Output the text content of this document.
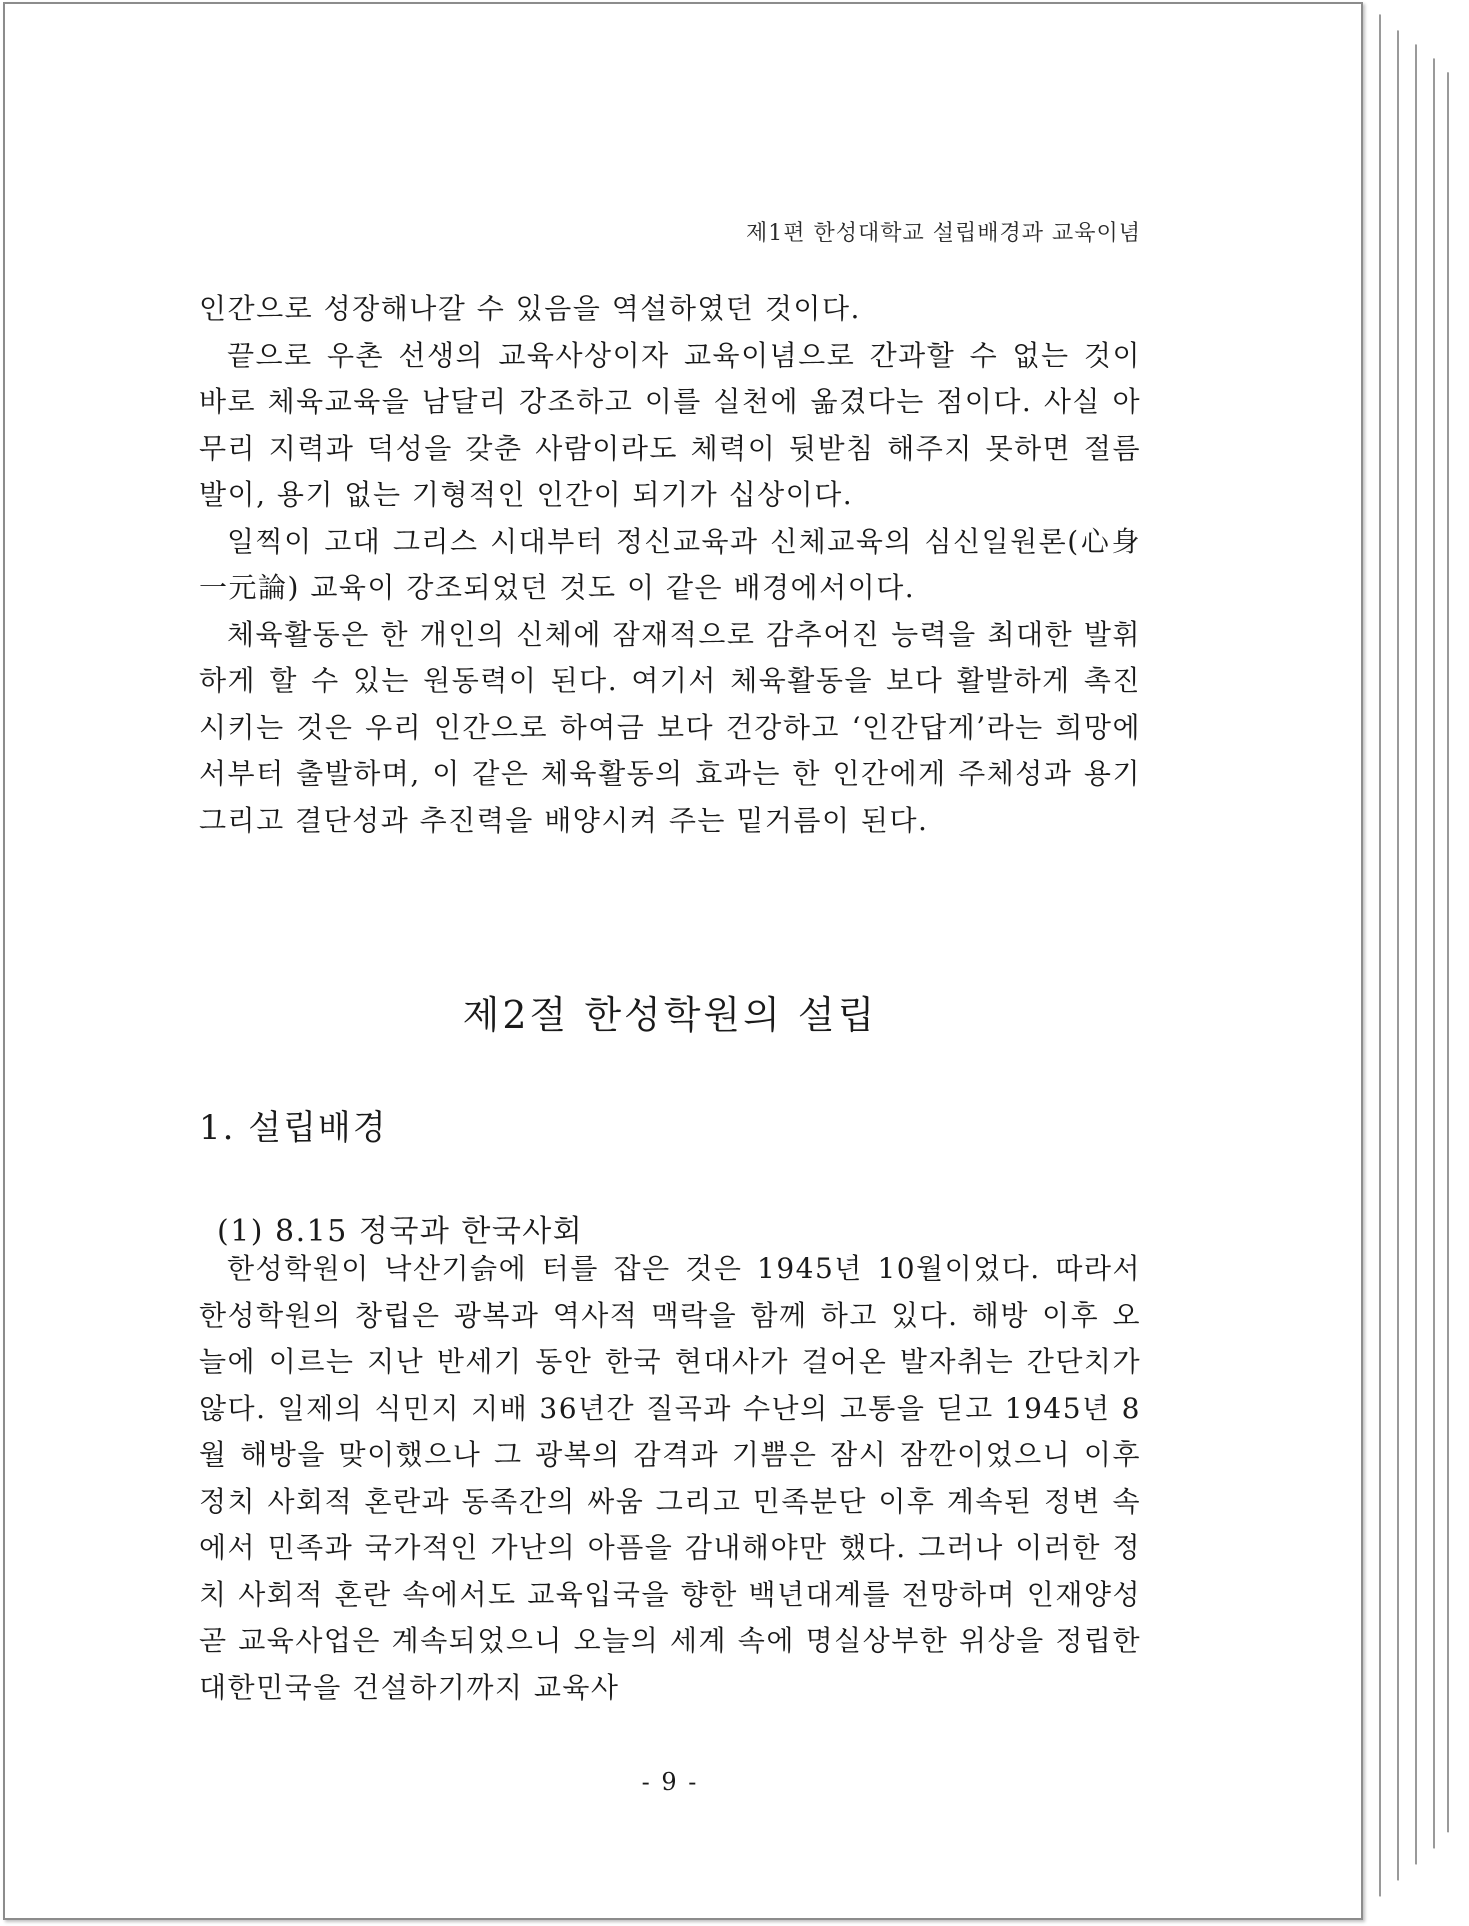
제1편 한성대학교 설립배경과 교육이념

인간으로 성장해나갈 수 있음을 역설하였던 것이다.

끝으로 우촌 선생의 교육사상이자 교육이념으로 간과할 수 없는 것이 바로 체육교육을 남달리 강조하고 이를 실천에 옮겼다는 점이다. 사실 아무리 지력과 덕성을 갖춘 사람이라도 체력이 뒷받침 해주지 못하면 절름발이, 용기 없는 기형적인 인간이 되기가 십상이다.

일찍이 고대 그리스 시대부터 정신교육과 신체교육의 심신일원론(心身一元論) 교육이 강조되었던 것도 이 같은 배경에서이다.

체육활동은 한 개인의 신체에 잠재적으로 감추어진 능력을 최대한 발휘하게 할 수 있는 원동력이 된다. 여기서 체육활동을 보다 활발하게 촉진시키는 것은 우리 인간으로 하여금 보다 건강하고 ‘인간답게’라는 희망에서부터 출발하며, 이 같은 체육활동의 효과는 한 인간에게 주체성과 용기 그리고 결단성과 추진력을 배양시켜 주는 밑거름이 된다.

제2절 한성학원의 설립
1. 설립배경
(1) 8.15 정국과 한국사회

한성학원이 낙산기슭에 터를 잡은 것은 1945년 10월이었다. 따라서 한성학원의 창립은 광복과 역사적 맥락을 함께 하고 있다. 해방 이후 오늘에 이르는 지난 반세기 동안 한국 현대사가 걸어온 발자취는 간단치가 않다. 일제의 식민지 지배 36년간 질곡과 수난의 고통을 딛고 1945년 8월 해방을 맞이했으나 그 광복의 감격과 기쁨은 잠시 잠깐이었으니 이후 정치 사회적 혼란과 동족간의 싸움 그리고 민족분단 이후 계속된 정변 속에서 민족과 국가적인 가난의 아픔을 감내해야만 했다. 그러나 이러한 정치 사회적 혼란 속에서도 교육입국을 향한 백년대계를 전망하며 인재양성 곧 교육사업은 계속되었으니 오늘의 세계 속에 명실상부한 위상을 정립한 대한민국을 건설하기까지 교육사

- 9 -
